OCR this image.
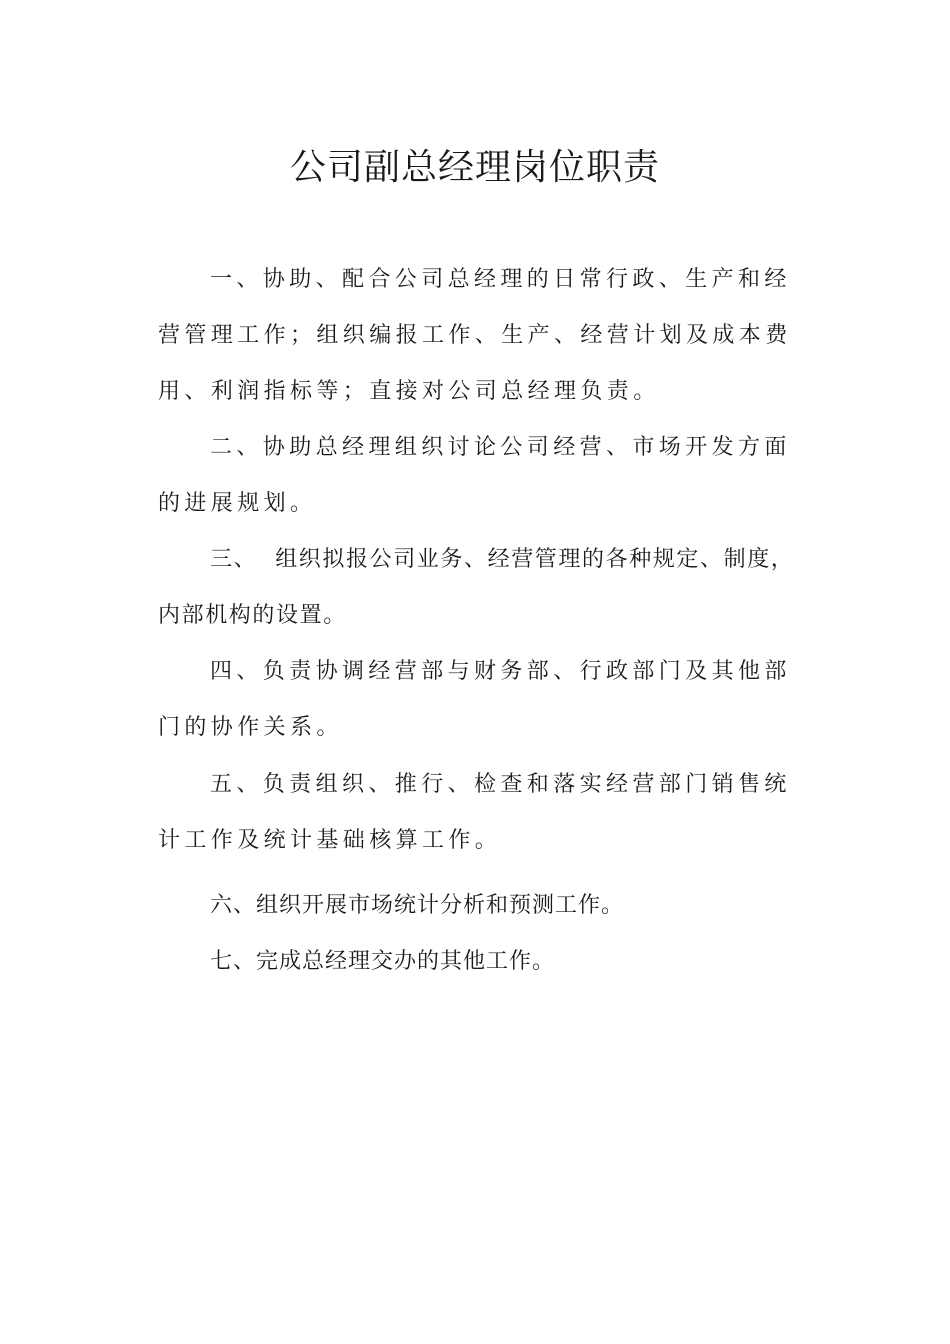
公司副总经理岗位职责

一、协助、配合公司总经理的日常行政、生产和经营管理工作；组织编报工作、生产、经营计划及成本费用、利润指标等；直接对公司总经理负责。

二、协助总经理组织讨论公司经营、市场开发方面的进展规划。

三、 组织拟报公司业务、经营管理的各种规定、制度，内部机构的设置。

四、负责协调经营部与财务部、行政部门及其他部门的协作关系。

五、负责组织、推行、检查和落实经营部门销售统计工作及统计基础核算工作。

六、组织开展市场统计分析和预测工作。

七、完成总经理交办的其他工作。
